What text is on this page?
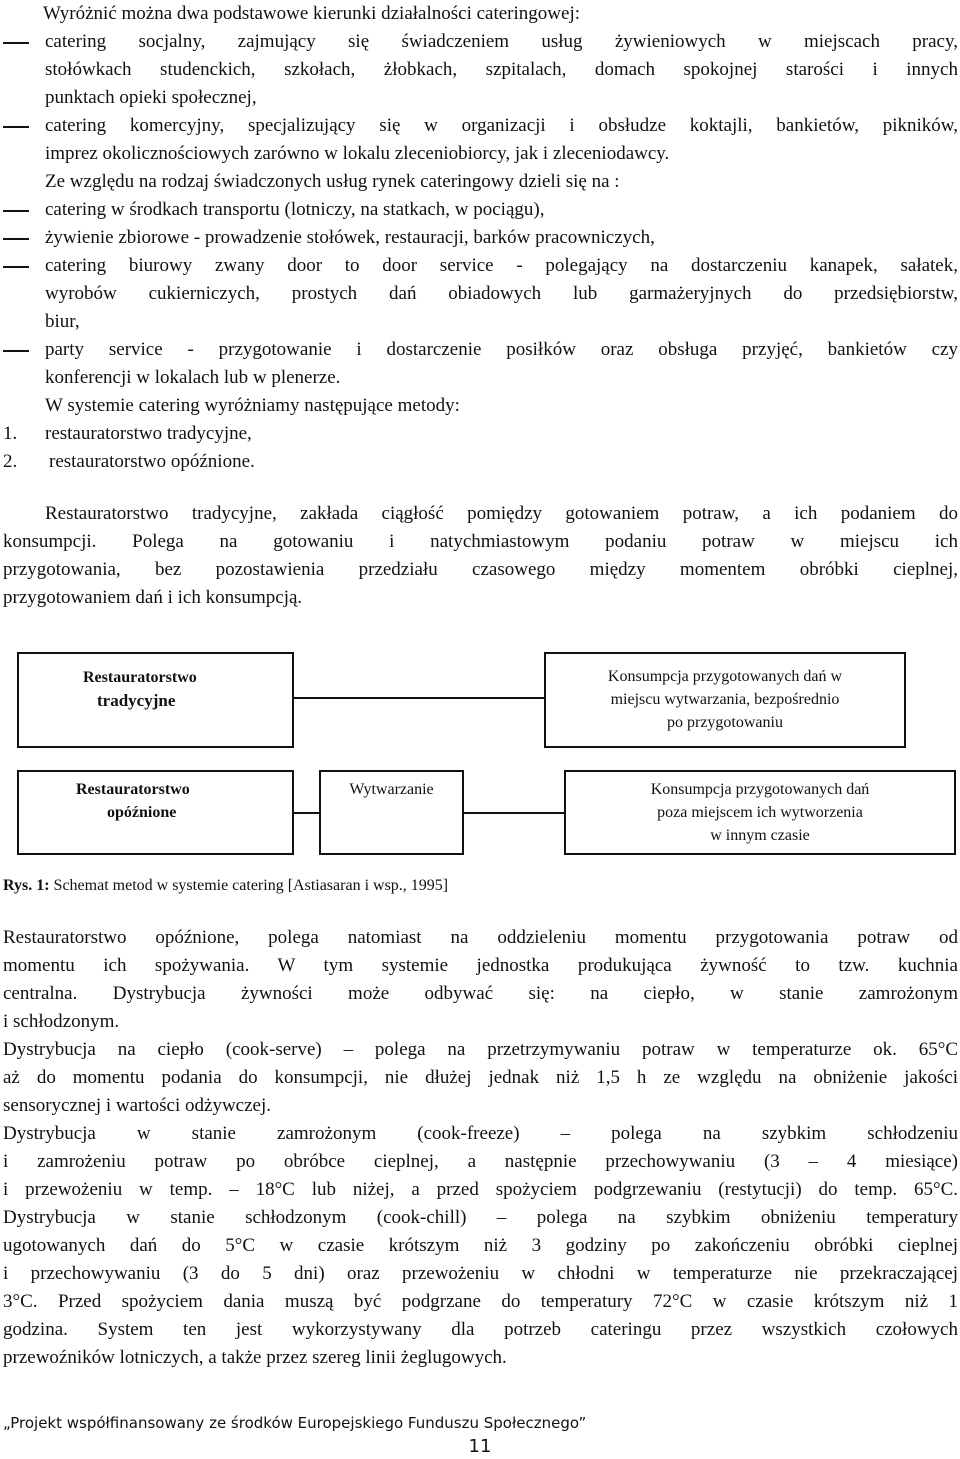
Wyróżnić można dwa podstawowe kierunki działalności cateringowej:
catering socjalny, zajmujący się świadczeniem usług żywieniowych w miejscach pracy,
stołówkach studenckich, szkołach, żłobkach, szpitalach, domach spokojnej starości i innych
punktach opieki społecznej,
catering komercyjny, specjalizujący się w organizacji i obsłudze koktajli, bankietów, pikników,
imprez okolicznościowych zarówno w lokalu zleceniobiorcy, jak i zleceniodawcy.
Ze względu na rodzaj świadczonych usług rynek cateringowy dzieli się na :
catering w środkach transportu (lotniczy, na statkach, w pociągu),
żywienie zbiorowe - prowadzenie stołówek, restauracji, barków pracowniczych,
catering biurowy zwany door to door service - polegający na dostarczeniu kanapek, sałatek,
wyrobów cukierniczych, prostych dań obiadowych lub garmażeryjnych do przedsiębiorstw,
biur,
party service - przygotowanie i dostarczenie posiłków oraz obsługa przyjęć, bankietów czy
konferencji w lokalach lub w plenerze.
W systemie catering wyróżniamy następujące metody:
1. restauratorstwo tradycyjne,
2. restauratorstwo opóźnione.
Restauratorstwo tradycyjne, zakłada ciągłość pomiędzy gotowaniem potraw, a ich podaniem do
konsumpcji. Polega na gotowaniu i natychmiastowym podaniu potraw w miejscu ich
przygotowania, bez pozostawienia przedziału czasowego między momentem obróbki cieplnej,
przygotowaniem dań i ich konsumpcją.
Restauratorstwo
tradycyjne
Konsumpcja przygotowanych dań w
miejscu wytwarzania, bezpośrednio
po przygotowaniu
Restauratorstwo
opóźnione
Wytwarzanie	Konsumpcja przygotowanych dań
poza miejscem ich wytworzenia
w innym czasie
Rys. 1: Schemat metod w systemie catering [Astiasaran i wsp., 1995]
Restauratorstwo opóźnione, polega natomiast na oddzieleniu momentu przygotowania potraw od
momentu ich spożywania. W tym systemie jednostka produkująca żywność to tzw. kuchnia
centralna. Dystrybucja żywności może odbywać się: na ciepło, w stanie zamrożonym
i schłodzonym.
Dystrybucja na ciepło (cook-serve) – polega na przetrzymywaniu potraw w temperaturze ok. 65°C
aż do momentu podania do konsumpcji, nie dłużej jednak niż 1,5 h ze względu na obniżenie jakości
sensorycznej i wartości odżywczej.
Dystrybucja w stanie zamrożonym (cook-freeze) – polega na szybkim schłodzeniu
i zamrożeniu potraw po obróbce cieplnej, a następnie przechowywaniu (3 – 4 miesiące)
i przewożeniu w temp. – 18°C lub niżej, a przed spożyciem podgrzewaniu (restytucji) do temp. 65°C.
Dystrybucja w stanie schłodzonym (cook-chill) – polega na szybkim obniżeniu temperatury
ugotowanych dań do 5°C w czasie krótszym niż 3 godziny po zakończeniu obróbki cieplnej
i przechowywaniu (3 do 5 dni) oraz przewożeniu w chłodni w temperaturze nie przekraczającej
3°C. Przed spożyciem dania muszą być podgrzane do temperatury 72°C w czasie krótszym niż 1
godzina. System ten jest wykorzystywany dla potrzeb cateringu przez wszystkich czołowych
przewoźników lotniczych, a także przez szereg linii żeglugowych.
„Projekt współfinansowany ze środków Europejskiego Funduszu Społecznego”
11
